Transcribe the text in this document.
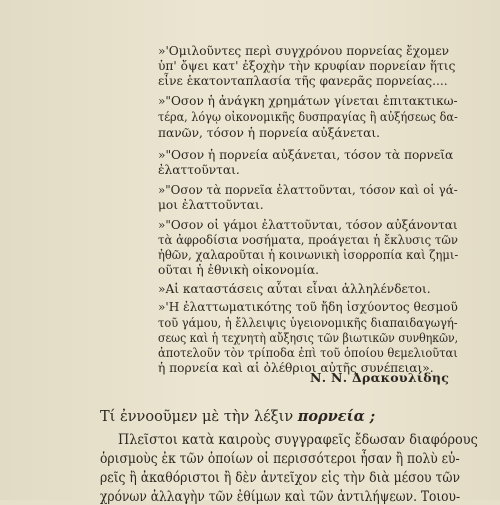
»'Ομιλοῦντες περὶ συγχρόνου πορνείας ἔχομεν
ὑπ' ὄψει κατ' ἐξοχὴν τὴν κρυφίαν πορνείαν ἥτις
εἶνε ἑκατονταπλασία τῆς φανερᾶς πορνείας....
»"Οσον ἡ ἀνάγκη χρημάτων γίνεται ἐπιτακτικω-
τέρα, λόγῳ οἰκονομικῆς δυσπραγίας ἢ αὐξήσεως δα-
πανῶν, τόσον ἡ πορνεία αὐξάνεται.
»"Οσον ἡ πορνεία αὐξάνεται, τόσον τὰ πορνεῖα
ἐλαττοῦνται.
»"Οσον τὰ πορνεῖα ἐλαττοῦνται, τόσον καὶ οἱ γά-
μοι ἐλαττοῦνται.
»"Οσον οἱ γάμοι ἐλαττοῦνται, τόσον αὐξάνονται
τὰ ἀφροδίσια νοσήματα, προάγεται ἡ ἔκλυσις τῶν
ἠθῶν, χαλαροῦται ἡ κοινωνικὴ ἰσορροπία καὶ ζημι-
οῦται ἡ ἐθνικὴ οἰκονομία.
»Αἱ καταστάσεις αὗται εἶναι ἀλληλένδετοι.
»'Η ἐλαττωματικότης τοῦ ἤδη ἰσχύοντος θεσμοῦ
τοῦ γάμου, ἡ ἔλλειψις ὑγειονομικῆς διαπαιδαγωγή-
σεως καὶ ἡ τεχνητὴ αὔξησις τῶν βιωτικῶν συνθηκῶν,
ἀποτελοῦν τὸν τρίποδα ἐπὶ τοῦ ὁποίου θεμελιοῦται
ἡ πορνεία καὶ αἱ ὀλέθριοι αὐτῆς συνέπειαι».
Ν. Ν. Δρακουλίδης
Τί ἐννοοῦμεν μὲ τὴν λέξιν πορνεία ;
Πλεῖστοι κατὰ καιροὺς συγγραφεῖς ἔδωσαν διαφόρους
ὁρισμοὺς ἐκ τῶν ὁποίων οἱ περισσότεροι ἦσαν ἢ πολὺ εὐ-
ρεῖς ἢ ἀκαθόριστοι ἢ δὲν ἀντεῖχον εἰς τὴν διὰ μέσου τῶν
χρόνων ἀλλαγὴν τῶν ἐθίμων καὶ τῶν ἀντιλήψεων. Τοιου-
